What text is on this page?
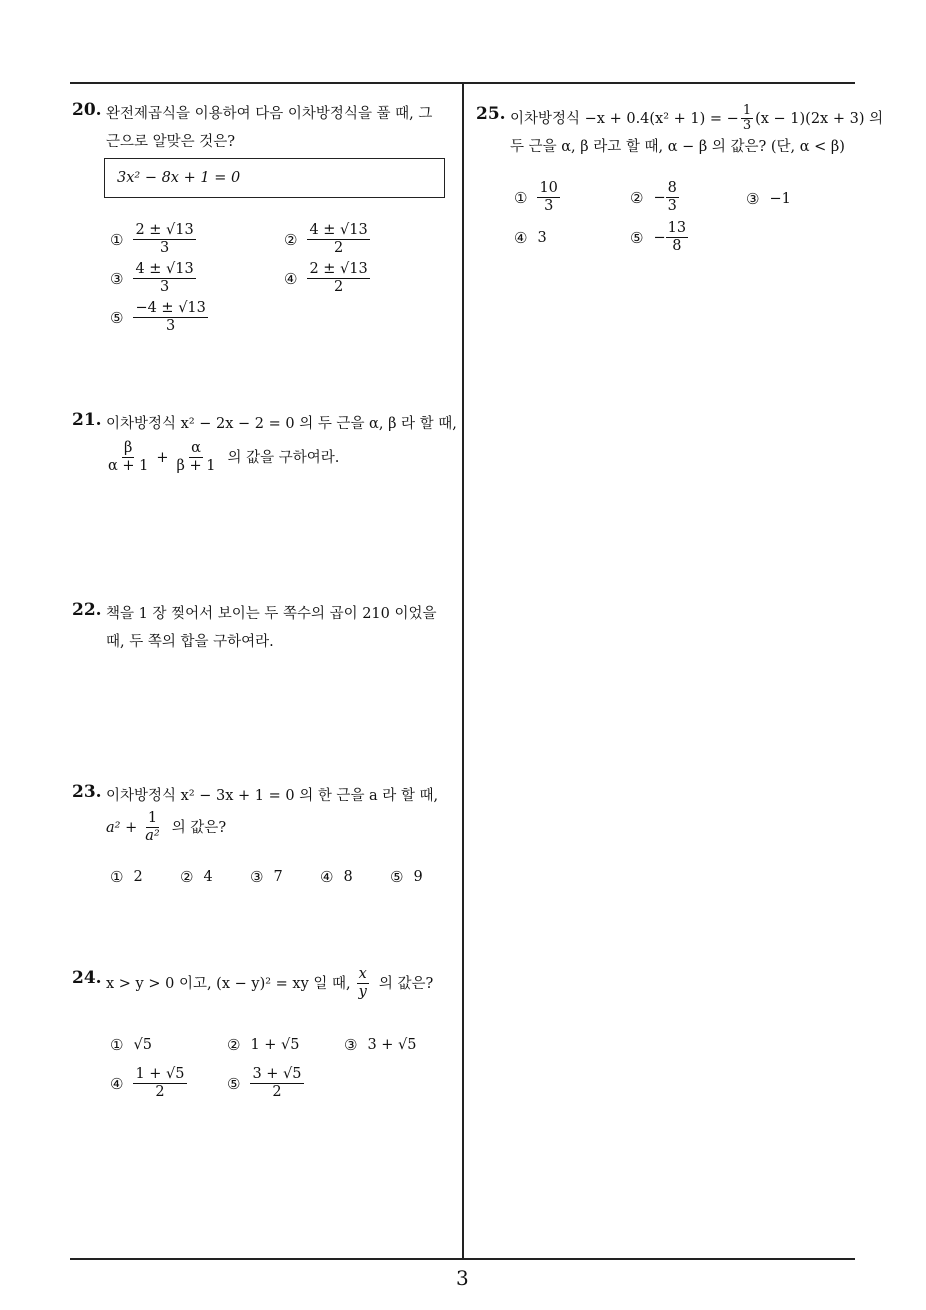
3
20. 완전제곱식을 이용하여 다음 이차방정식을 풀 때, 그
근으로 알맞은 것은?
3x² − 8x + 1 = 0
① $\frac{2 \pm √13}{3}$	② $\frac{4 \pm √13}{2}$
③ $\frac{4 \pm √13}{3}$	④ $\frac{2 \pm √13}{2}$
⑤ $\frac{-4 \pm √13}{3}$
21. 이차방정식 x² − 2x − 2 = 0 의 두 근을 α, β 라 할 때,
$\frac{\beta}{\alpha + 1} + \frac{\alpha}{\beta + 1}$ 의 값을 구하여라.
22. 책을 1 장 찢어서 보이는 두 쪽수의 곱이 210 이었을
때, 두 쪽의 합을 구하여라.
23. 이차방정식 x² − 3x + 1 = 0 의 한 근을 a 라 할 때,
$a^2 + \frac{1}{\text{a²}}$ 의 값은?
① 2 ② 4 ③ 7 ④ 8 ⑤ 9
24. x > y > 0 이고, (x − y)² = xy 일 때, $\frac{x}{y}$ 의 값은?
① √5	② 1 + √5	③ 3 + √5
④ $\frac{1 + √5}{2}$	⑤ $\frac{3 + √5}{2}$
25. 이차방정식 −x + 0.4(x² + 1) = − $\frac{1}{3} (x - 1)(2x + 3)$ 의
두 근을 α, β 라고 할 때, α − β 의 값은? (단, α < β)
① $\frac{10}{3}$	② − $\frac{8}{3}$	③ −1
④ 3	⑤ − $\frac{13}{8}$
